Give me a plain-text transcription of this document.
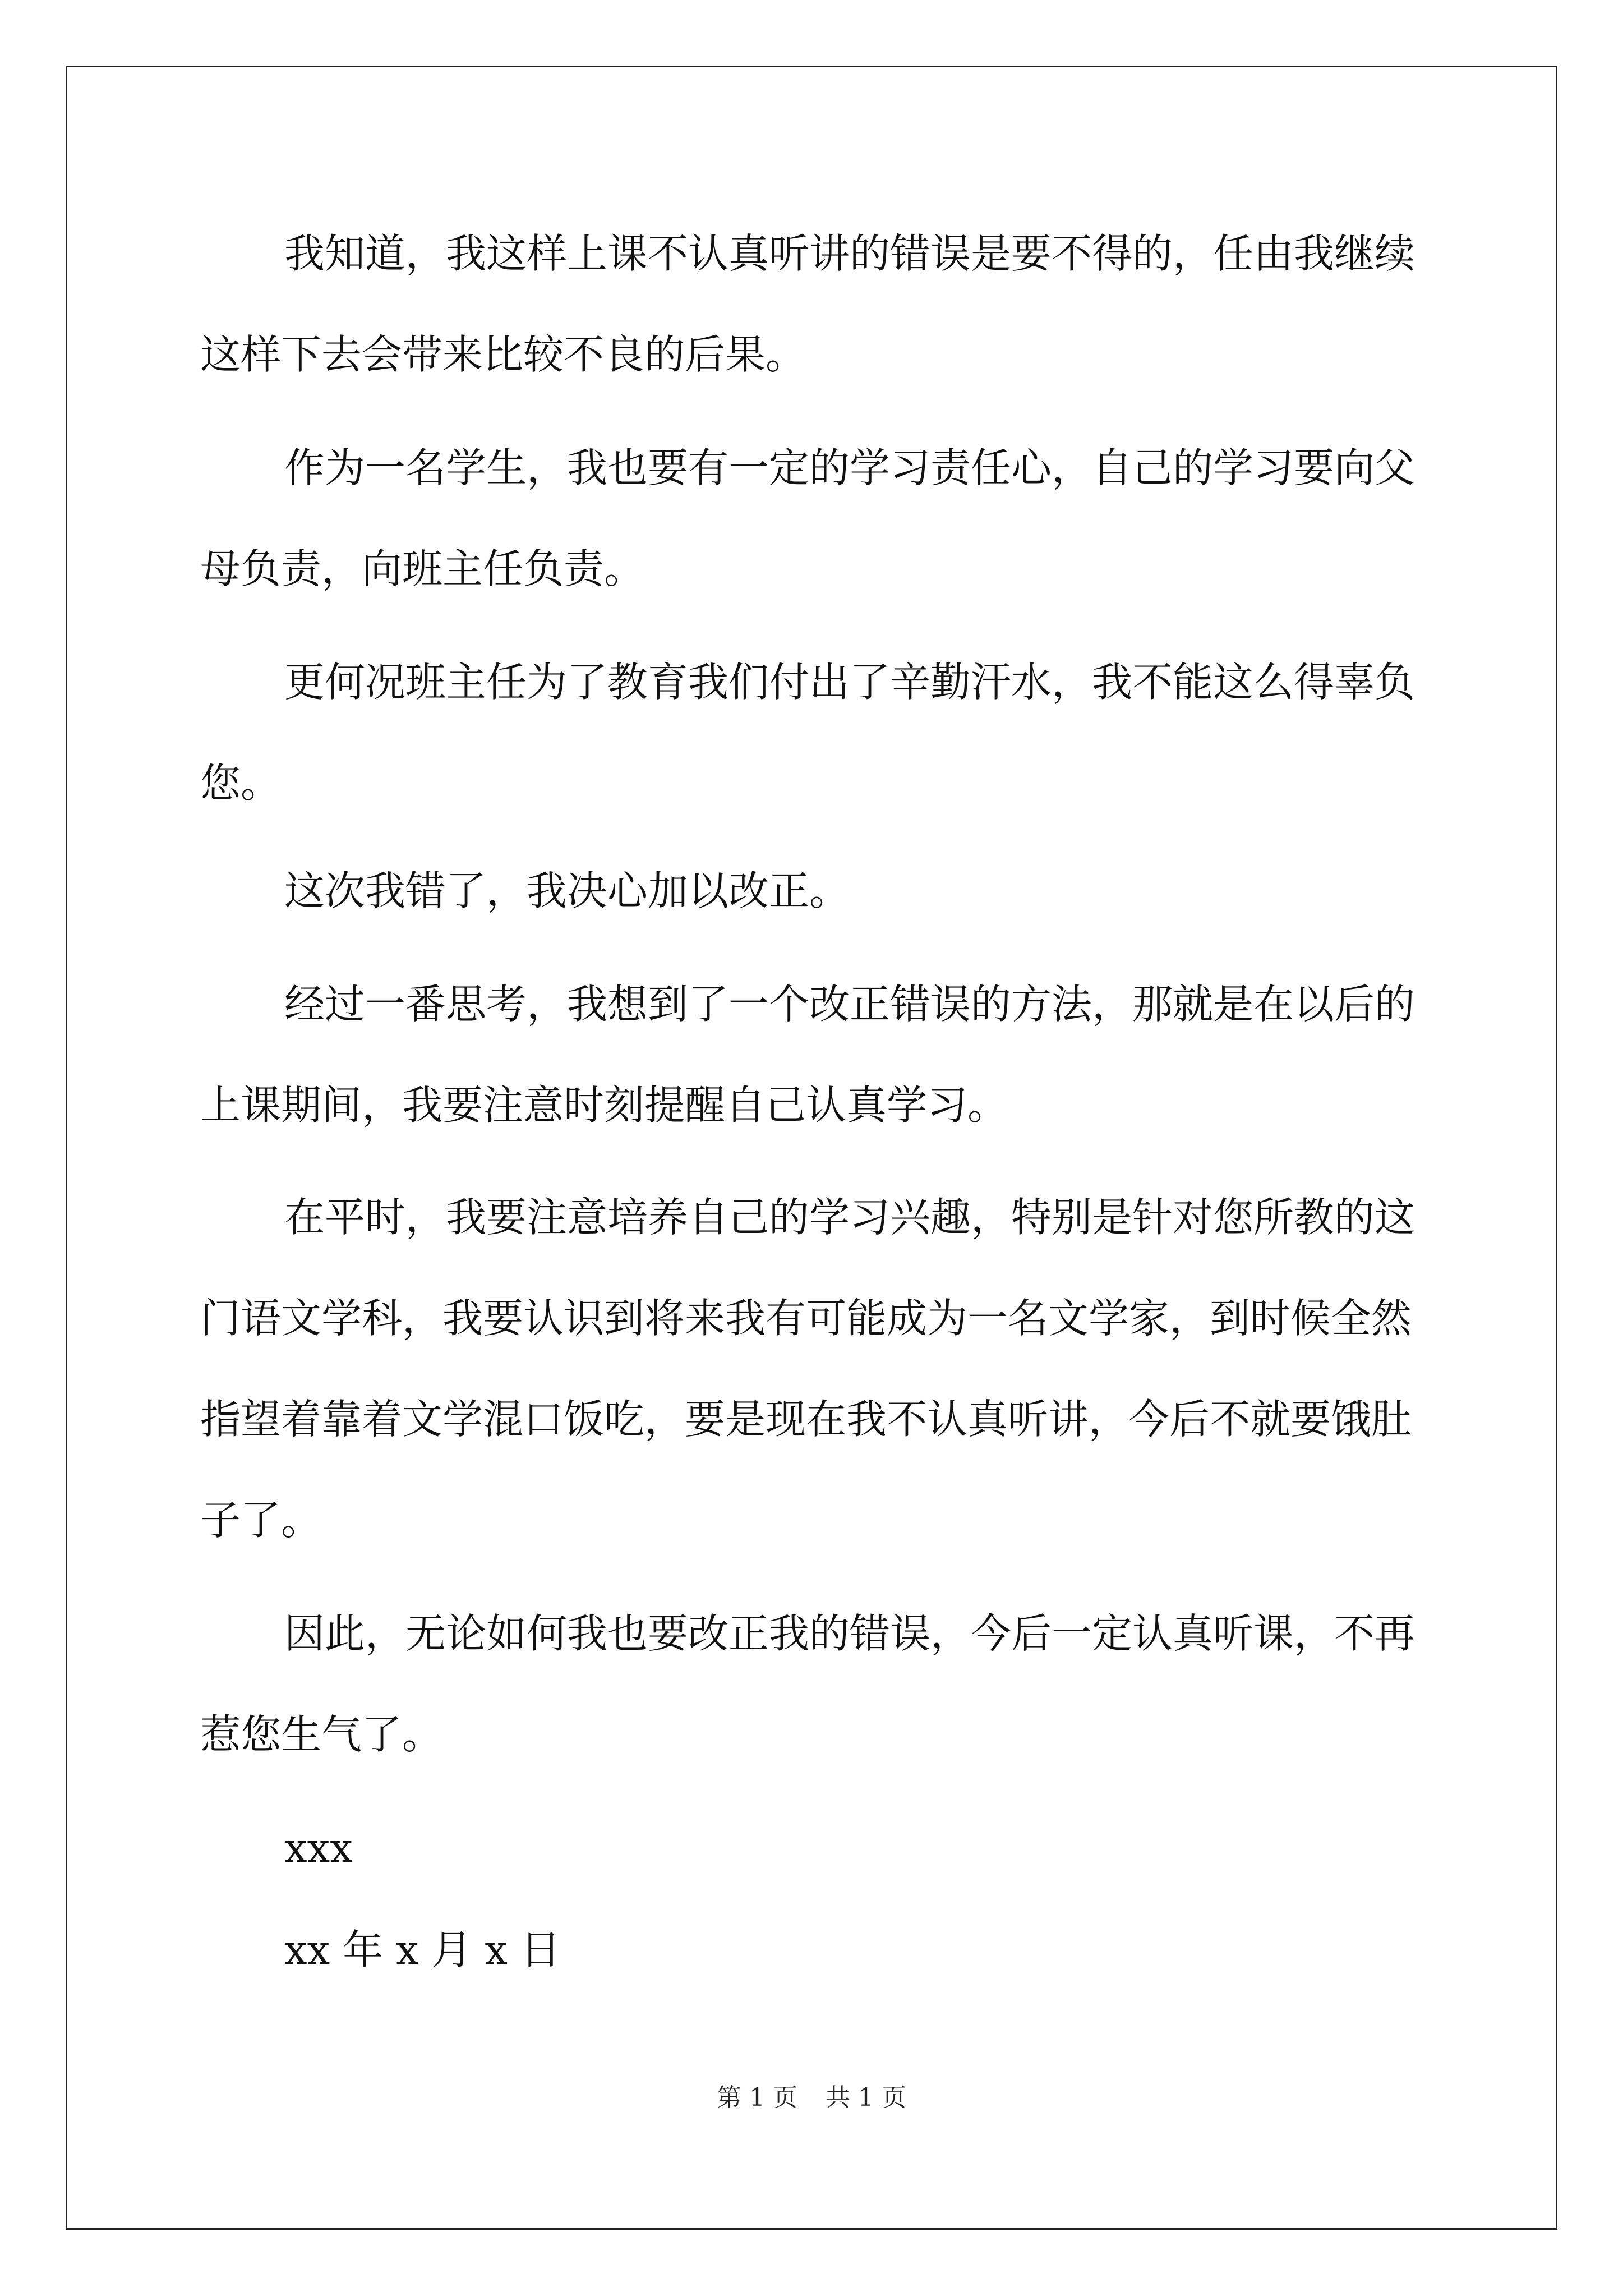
我知道，我这样上课不认真听讲的错误是要不得的，任由我继续
这样下去会带来比较不良的后果。
作为一名学生，我也要有一定的学习责任心，自己的学习要向父
母负责，向班主任负责。
更何况班主任为了教育我们付出了辛勤汗水，我不能这么得辜负
您。
这次我错了，我决心加以改正。
经过一番思考，我想到了一个改正错误的方法，那就是在以后的
上课期间，我要注意时刻提醒自己认真学习。
在平时，我要注意培养自己的学习兴趣，特别是针对您所教的这
门语文学科，我要认识到将来我有可能成为一名文学家，到时候全然
指望着靠着文学混口饭吃，要是现在我不认真听讲，今后不就要饿肚
子了。
因此，无论如何我也要改正我的错误，今后一定认真听课，不再
惹您生气了。
xxx
xx 年 x 月 x 日
第 1 页 共 1 页
